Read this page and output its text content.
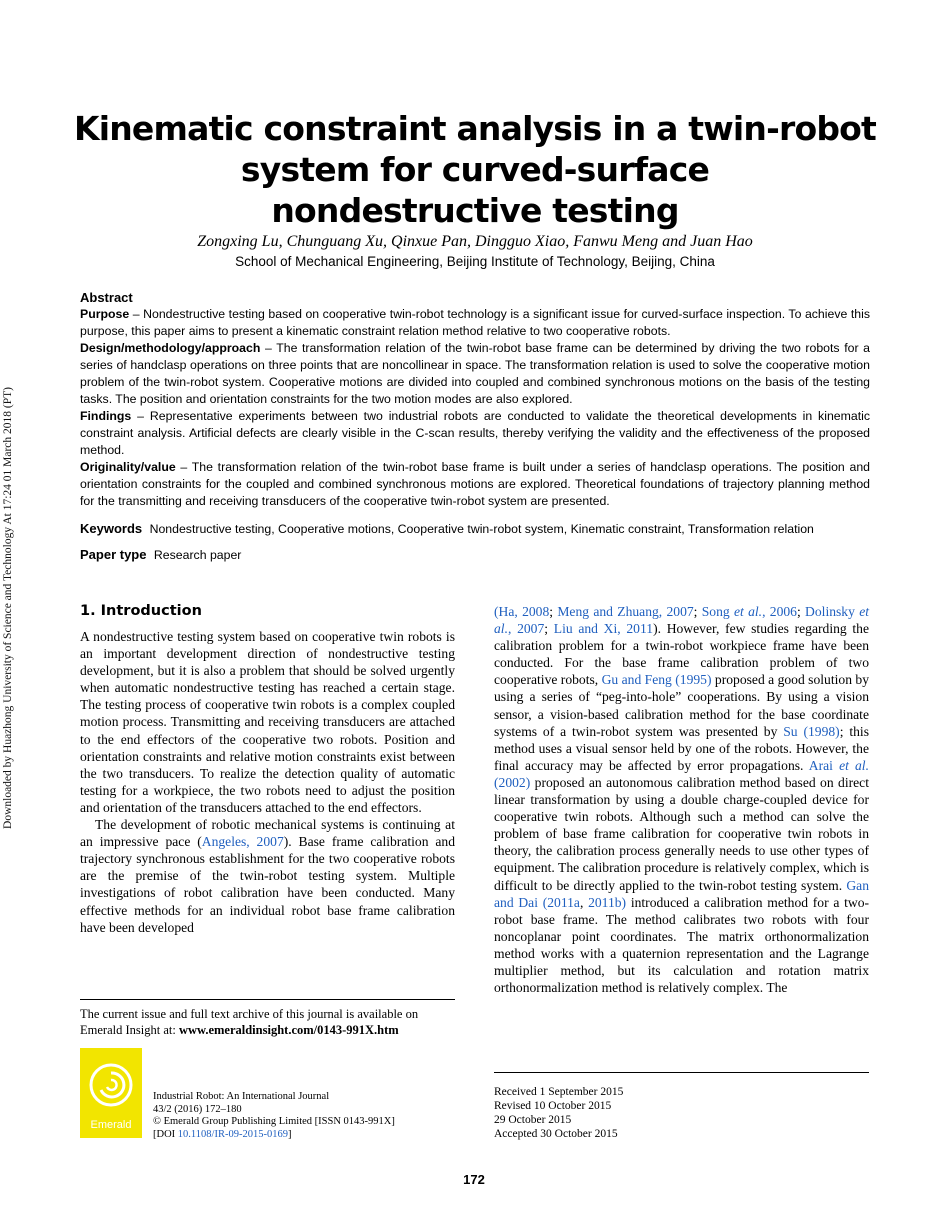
Downloaded by Huazhong University of Science and Technology At 17:24 01 March 2018 (PT)
Kinematic constraint analysis in a twin-robot
system for curved-surface
nondestructive testing
Zongxing Lu, Chunguang Xu, Qinxue Pan, Dingguo Xiao, Fanwu Meng and Juan Hao
School of Mechanical Engineering, Beijing Institute of Technology, Beijing, China

Abstract

Purpose – Nondestructive testing based on cooperative twin-robot technology is a significant issue for curved-surface inspection. To achieve this purpose, this paper aims to present a kinematic constraint relation method relative to two cooperative robots.

Design/methodology/approach – The transformation relation of the twin-robot base frame can be determined by driving the two robots for a series of handclasp operations on three points that are noncollinear in space. The transformation relation is used to solve the cooperative motion problem of the twin-robot system. Cooperative motions are divided into coupled and combined synchronous motions on the basis of the testing tasks. The position and orientation constraints for the two motion modes are also explored.

Findings – Representative experiments between two industrial robots are conducted to validate the theoretical developments in kinematic constraint analysis. Artificial defects are clearly visible in the C-scan results, thereby verifying the validity and the effectiveness of the proposed method.

Originality/value – The transformation relation of the twin-robot base frame is built under a series of handclasp operations. The position and orientation constraints for the coupled and combined synchronous motions are explored. Theoretical foundations of trajectory planning method for the transmitting and receiving transducers of the cooperative twin-robot system are presented.

Keywords Nondestructive testing, Cooperative motions, Cooperative twin-robot system, Kinematic constraint, Transformation relation
Paper type Research paper
1. Introduction

A nondestructive testing system based on cooperative twin robots is an important development direction of nondestructive testing development, but it is also a problem that should be solved urgently when automatic nondestructive testing has reached a certain stage. The testing process of cooperative twin robots is a complex coupled motion process. Transmitting and receiving transducers are attached to the end effectors of the cooperative two robots. Position and orientation constraints and relative motion constraints exist between the two transducers. To realize the detection quality of automatic testing for a workpiece, the two robots need to adjust the position and orientation of the transducers attached to the end effectors.

The development of robotic mechanical systems is continuing at an impressive pace (Angeles, 2007). Base frame calibration and trajectory synchronous establishment for the two cooperative robots are the premise of the twin-robot testing system. Multiple investigations of robot calibration have been conducted. Many effective methods for an individual robot base frame calibration have been developed

(Ha, 2008; Meng and Zhuang, 2007; Song et al., 2006; Dolinsky et al., 2007; Liu and Xi, 2011). However, few studies regarding the calibration problem for a twin-robot workpiece frame have been conducted. For the base frame calibration problem of two cooperative robots, Gu and Feng (1995) proposed a good solution by using a series of “peg-into-hole” cooperations. By using a vision sensor, a vision-based calibration method for the base coordinate systems of a twin-robot system was presented by Su (1998); this method uses a visual sensor held by one of the robots. However, the final accuracy may be affected by error propagations. Arai et al. (2002) proposed an autonomous calibration method based on direct linear transformation by using a double charge-coupled device for cooperative twin robots. Although such a method can solve the problem of base frame calibration for cooperative twin robots in theory, the calibration process generally needs to use other types of equipment. The calibration procedure is relatively complex, which is difficult to be directly applied to the twin-robot testing system. Gan and Dai (2011a, 2011b) introduced a calibration method for a two-robot base frame. The method calibrates two robots with four noncoplanar point coordinates. The matrix orthonormalization method works with a quaternion representation and the Lagrange multiplier method, but its calculation and rotation matrix orthonormalization method is relatively complex. The

The current issue and full text archive of this journal is available on Emerald Insight at: www.emeraldinsight.com/0143-991X.htm
Emerald
Industrial Robot: An International Journal
43/2 (2016) 172–180
© Emerald Group Publishing Limited [ISSN 0143-991X]
[DOI 10.1108/IR-09-2015-0169]
Received 1 September 2015
Revised 10 October 2015
29 October 2015
Accepted 30 October 2015
172
